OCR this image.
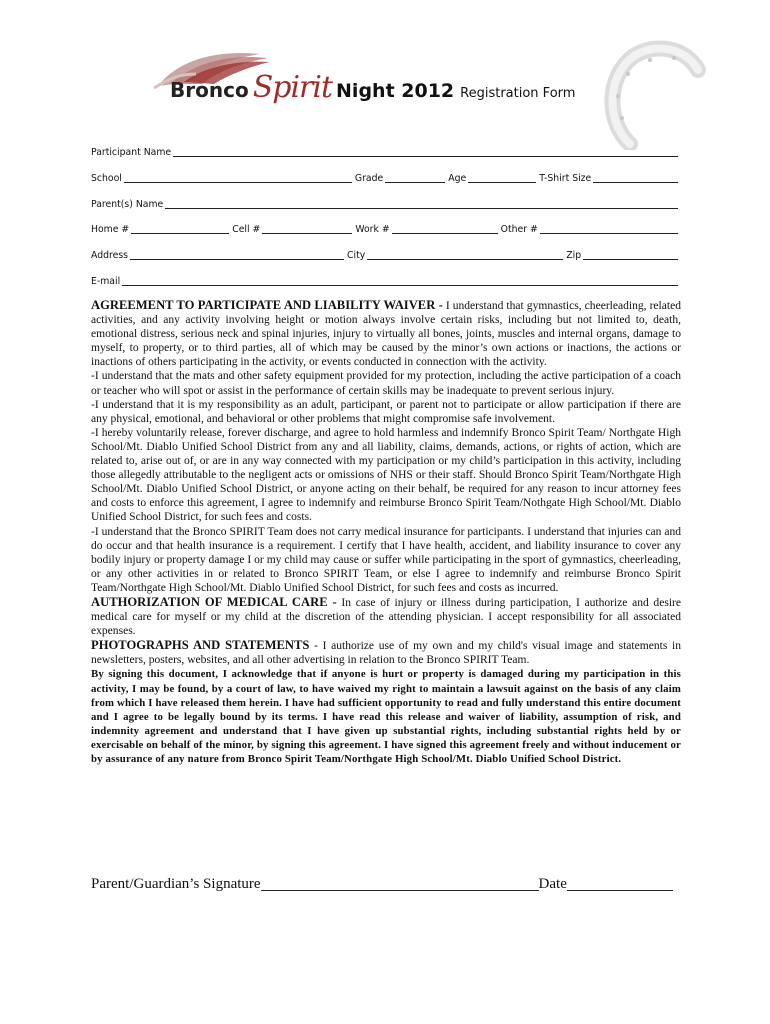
Bronco Spirit Night 2012 Registration Form
Participant Name
School	Grade	Age	T-Shirt Size
Parent(s) Name
Home #	Cell #	Work #	Other #
Address	City	Zip
E-mail

AGREEMENT TO PARTICIPATE AND LIABILITY WAIVER - I understand that gymnastics, cheerleading, related activities, and any activity involving height or motion always involve certain risks, including but not limited to, death, emotional distress, serious neck and spinal injuries, injury to virtually all bones, joints, muscles and internal organs, damage to myself, to property, or to third parties, all of which may be caused by the minor’s own actions or inactions, the actions or inactions of others participating in the activity, or events conducted in connection with the activity.

-I understand that the mats and other safety equipment provided for my protection, including the active participation of a coach or teacher who will spot or assist in the performance of certain skills may be inadequate to prevent serious injury.

-I understand that it is my responsibility as an adult, participant, or parent not to participate or allow participation if there are any physical, emotional, and behavioral or other problems that might compromise safe involvement.

-I hereby voluntarily release, forever discharge, and agree to hold harmless and indemnify Bronco Spirit Team/ Northgate High School/Mt. Diablo Unified School District from any and all liability, claims, demands, actions, or rights of action, which are related to, arise out of, or are in any way connected with my participation or my child’s participation in this activity, including those allegedly attributable to the negligent acts or omissions of NHS or their staff. Should Bronco Spirit Team/Northgate High School/Mt. Diablo Unified School District, or anyone acting on their behalf, be required for any reason to incur attorney fees and costs to enforce this agreement, I agree to indemnify and reimburse Bronco Spirit Team/Nothgate High School/Mt. Diablo Unified School District, for such fees and costs.

-I understand that the Bronco SPIRIT Team does not carry medical insurance for participants. I understand that injuries can and do occur and that health insurance is a requirement. I certify that I have health, accident, and liability insurance to cover any bodily injury or property damage I or my child may cause or suffer while participating in the sport of gymnastics, cheerleading, or any other activities in or related to Bronco SPIRIT Team, or else I agree to indemnify and reimburse Bronco Spirit Team/Northgate High School/Mt. Diablo Unified School District, for such fees and costs as incurred.

AUTHORIZATION OF MEDICAL CARE - In case of injury or illness during participation, I authorize and desire medical care for myself or my child at the discretion of the attending physician. I accept responsibility for all associated expenses.

PHOTOGRAPHS AND STATEMENTS - I authorize use of my own and my child's visual image and statements in newsletters, posters, websites, and all other advertising in relation to the Bronco SPIRIT Team.

By signing this document, I acknowledge that if anyone is hurt or property is damaged during my participation in this activity, I may be found, by a court of law, to have waived my right to maintain a lawsuit against on the basis of any claim from which I have released them herein. I have had sufficient opportunity to read and fully understand this entire document and I agree to be legally bound by its terms. I have read this release and waiver of liability, assumption of risk, and indemnity agreement and understand that I have given up substantial rights, including substantial rights held by or exercisable on behalf of the minor, by signing this agreement. I have signed this agreement freely and without inducement or by assurance of any nature from Bronco Spirit Team/Northgate High School/Mt. Diablo Unified School District.

Parent/Guardian’s Signature	Date
